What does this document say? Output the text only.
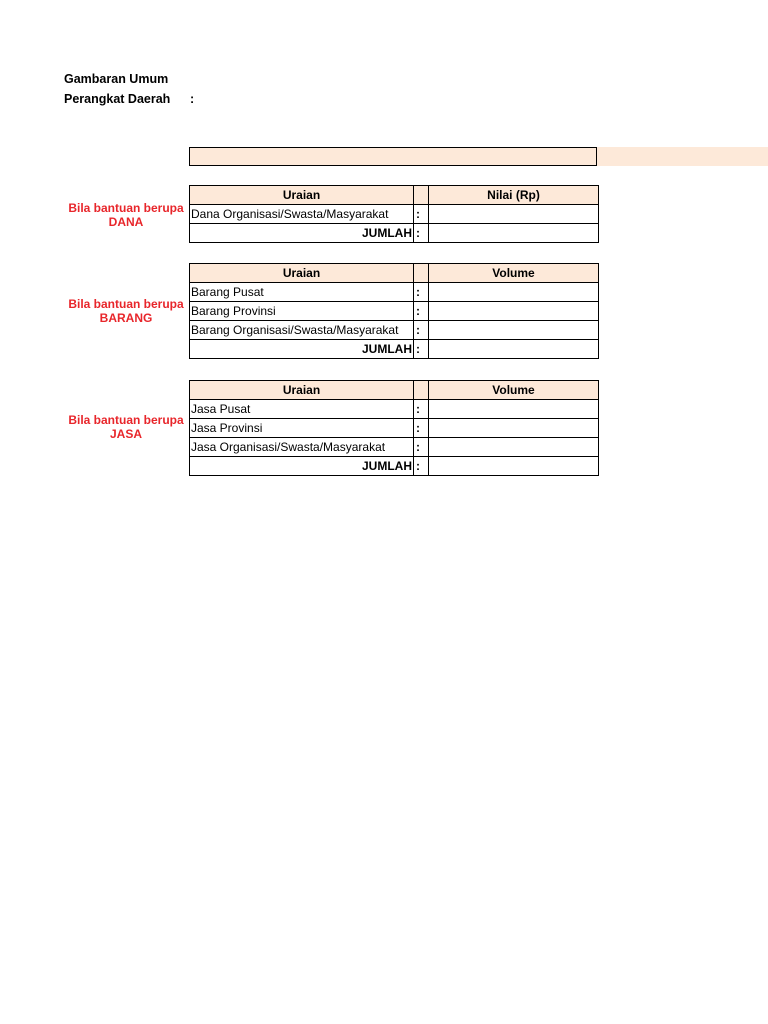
Gambaran Umum
Perangkat Daerah :
Bila bantuan berupa
DANA
Uraian		Nilai (Rp)
Dana Organisasi/Swasta/Masyarakat	:	
JUMLAH	:	
Bila bantuan berupa
BARANG
Uraian		Volume
Barang Pusat	:	
Barang Provinsi	:	
Barang Organisasi/Swasta/Masyarakat	:	
JUMLAH	:	
Bila bantuan berupa
JASA
Uraian		Volume
Jasa Pusat	:	
Jasa Provinsi	:	
Jasa Organisasi/Swasta/Masyarakat	:	
JUMLAH	:	
